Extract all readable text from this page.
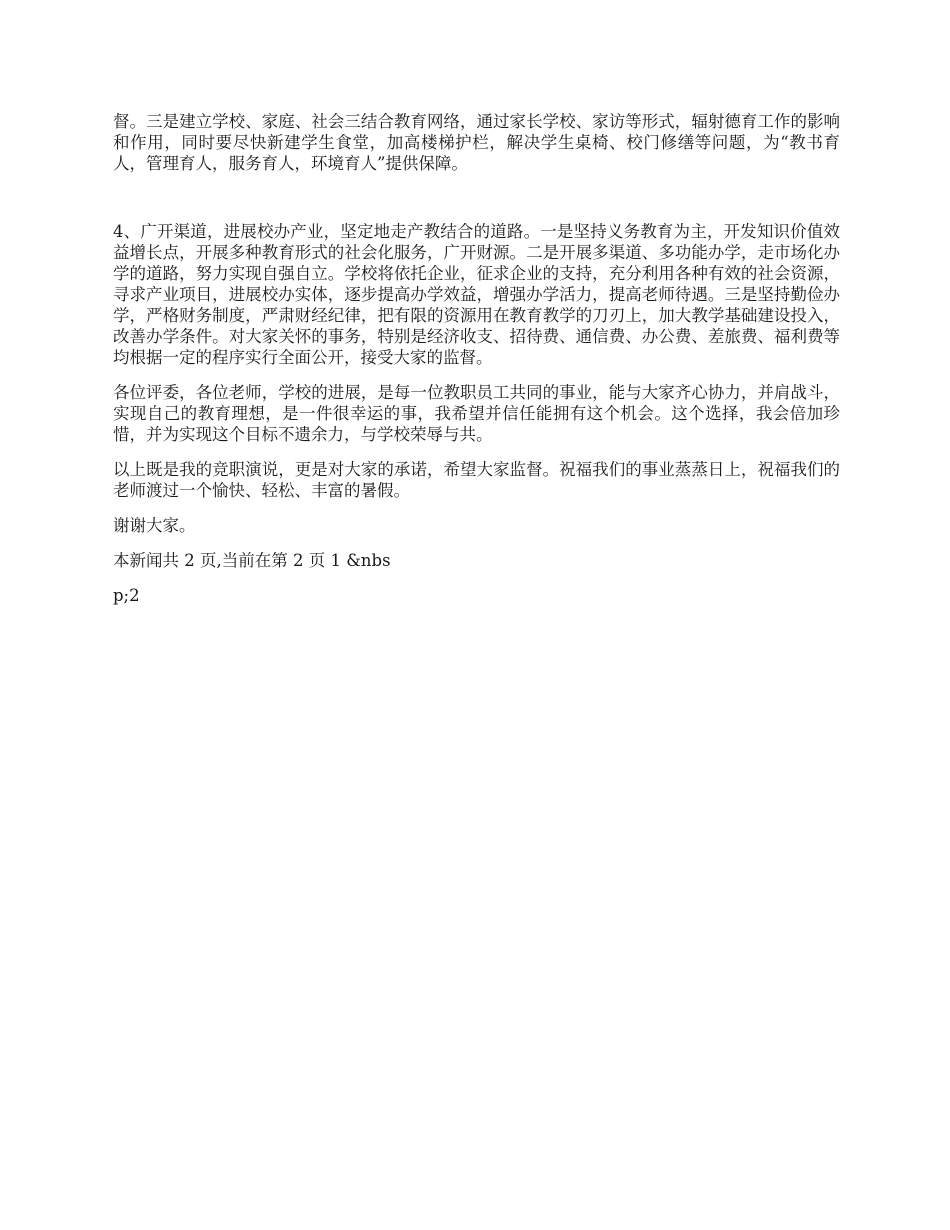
督。三是建立学校、家庭、社会三结合教育网络，通过家长学校、家访等形式，辐射德育工作的影响和作用，同时要尽快新建学生食堂，加高楼梯护栏，解决学生桌椅、校门修缮等问题，为“教书育人，管理育人，服务育人，环境育人”提供保障。

4、广开渠道，进展校办产业，坚定地走产教结合的道路。一是坚持义务教育为主，开发知识价值效益增长点，开展多种教育形式的社会化服务，广开财源。二是开展多渠道、多功能办学，走市场化办学的道路，努力实现自强自立。学校将依托企业，征求企业的支持，充分利用各种有效的社会资源，寻求产业项目，进展校办实体，逐步提高办学效益，增强办学活力，提高老师待遇。三是坚持勤俭办学，严格财务制度，严肃财经纪律，把有限的资源用在教育教学的刀刃上，加大教学基础建设投入，改善办学条件。对大家关怀的事务，特别是经济收支、招待费、通信费、办公费、差旅费、福利费等均根据一定的程序实行全面公开，接受大家的监督。

各位评委，各位老师，学校的进展，是每一位教职员工共同的事业，能与大家齐心协力，并肩战斗，实现自己的教育理想，是一件很幸运的事，我希望并信任能拥有这个机会。这个选择，我会倍加珍惜，并为实现这个目标不遗余力，与学校荣辱与共。

以上既是我的竞职演说，更是对大家的承诺，希望大家监督。祝福我们的事业蒸蒸日上，祝福我们的老师渡过一个愉快、轻松、丰富的暑假。

谢谢大家。

本新闻共 2 页,当前在第 2 页 1 &nbs

p;2
